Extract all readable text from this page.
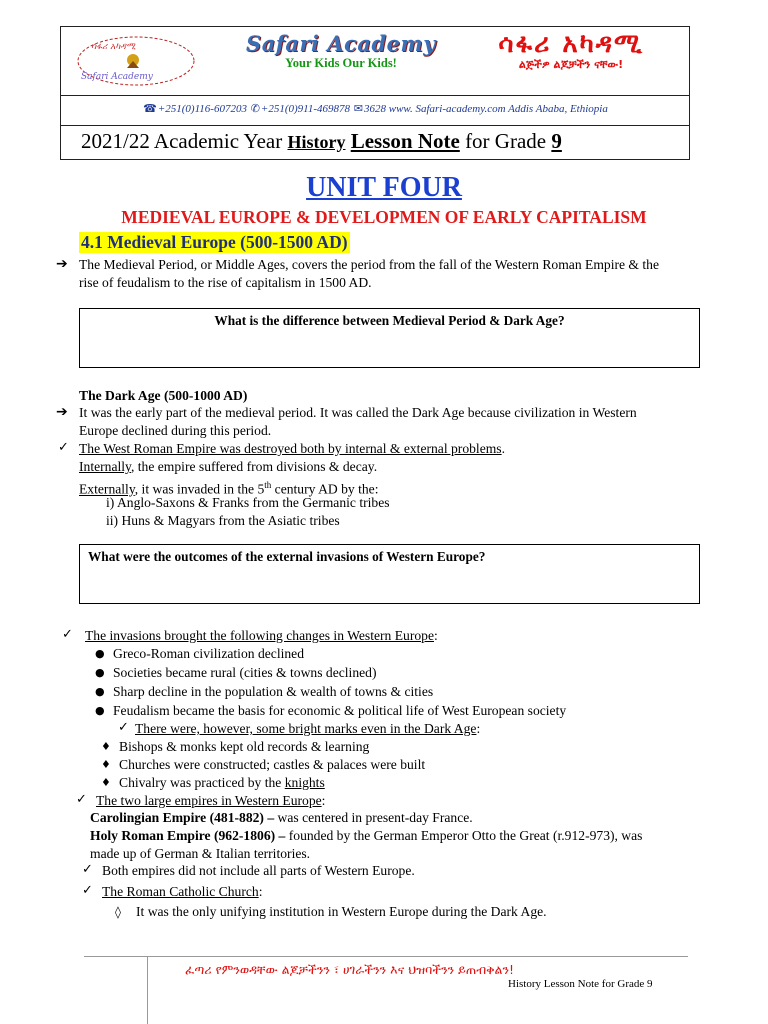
ሳፋሪ አካዳሚ
Safari Academy
Safari Academy
Your Kids Our Kids!
ሳፋሪ አካዳሚ
ልጅችዎ ልጆቻችን ናቸው!
☎+251(0)116-607203 ✆+251(0)911-469878 ✉3628 www. Safari-academy.com Addis Ababa, Ethiopia
2021/22 Academic Year History Lesson Note for Grade 9
UNIT FOUR
MEDIEVAL EUROPE & DEVELOPMEN OF EARLY CAPITALISM
4.1 Medieval Europe (500-1500 AD)
➔ The Medieval Period, or Middle Ages, covers the period from the fall of the Western Roman Empire & the
rise of feudalism to the rise of capitalism in 1500 AD.
What is the difference between Medieval Period & Dark Age?
The Dark Age (500-1000 AD)
➔ It was the early part of the medieval period. It was called the Dark Age because civilization in Western
Europe declined during this period.
✓ The West Roman Empire was destroyed both by internal & external problems.
Internally, the empire suffered from divisions & decay.
Externally, it was invaded in the 5th century AD by the:
i) Anglo-Saxons & Franks from the Germanic tribes
ii) Huns & Magyars from the Asiatic tribes
What were the outcomes of the external invasions of Western Europe?
✓ The invasions brought the following changes in Western Europe:
● Greco-Roman civilization declined
● Societies became rural (cities & towns declined)
● Sharp decline in the population & wealth of towns & cities
● Feudalism became the basis for economic & political life of West European society
✓ There were, however, some bright marks even in the Dark Age:
♦ Bishops & monks kept old records & learning
♦ Churches were constructed; castles & palaces were built
♦ Chivalry was practiced by the knights
✓ The two large empires in Western Europe:
Carolingian Empire (481-882) – was centered in present-day France.
Holy Roman Empire (962-1806) – founded by the German Emperor Otto the Great (r.912-973), was
made up of German & Italian territories.
✓ Both empires did not include all parts of Western Europe.
✓ The Roman Catholic Church:
◊ It was the only unifying institution in Western Europe during the Dark Age.
ፈጣሪ የምንወዳቸው ልጆቻችንን ፣ ሀገራችንን እና ህዝባችንን ይጠብቅልን!
History Lesson Note for Grade 9
